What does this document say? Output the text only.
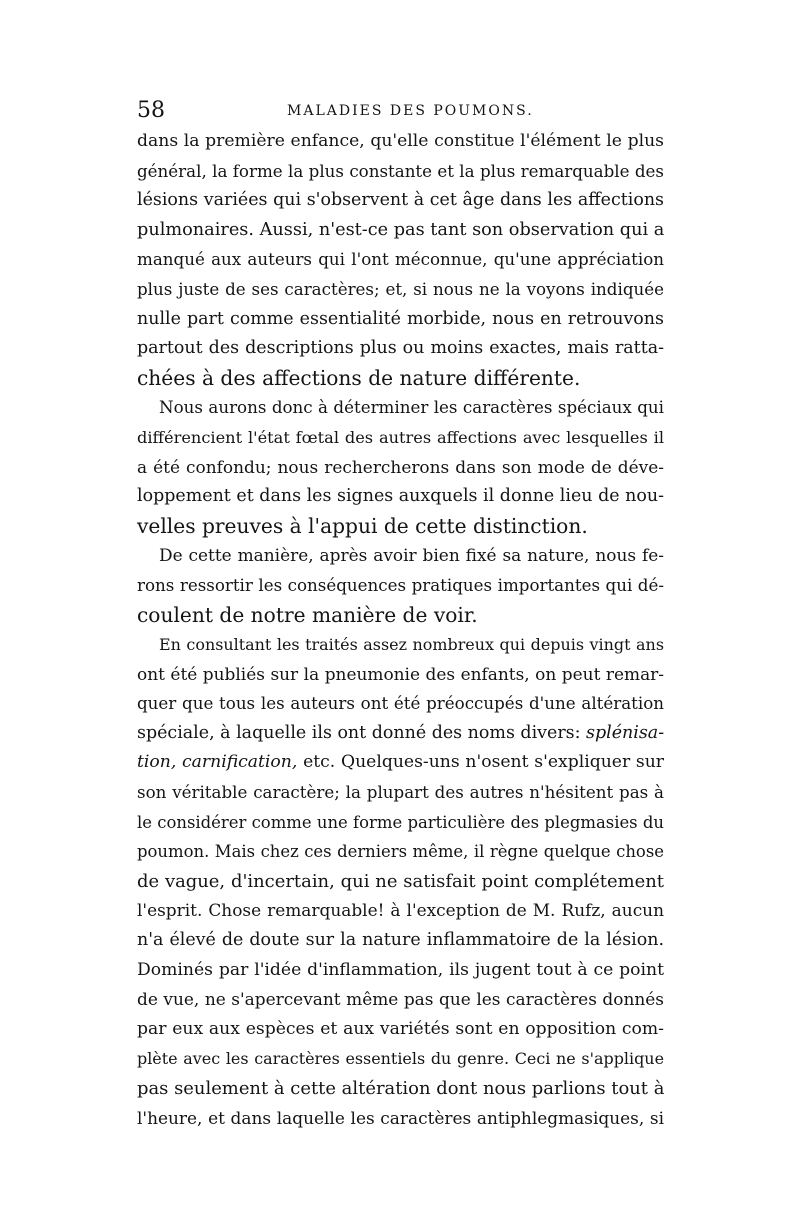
58	MALADIES DES POUMONS.
dans la première enfance, qu'elle constitue l'élément le plus
général, la forme la plus constante et la plus remarquable des
lésions variées qui s'observent à cet âge dans les affections
pulmonaires. Aussi, n'est-ce pas tant son observation qui a
manqué aux auteurs qui l'ont méconnue, qu'une appréciation
plus juste de ses caractères; et, si nous ne la voyons indiquée
nulle part comme essentialité morbide, nous en retrouvons
partout des descriptions plus ou moins exactes, mais ratta-
chées à des affections de nature différente.
Nous aurons donc à déterminer les caractères spéciaux qui
différencient l'état fœtal des autres affections avec lesquelles il
a été confondu; nous rechercherons dans son mode de déve-
loppement et dans les signes auxquels il donne lieu de nou-
velles preuves à l'appui de cette distinction.
De cette manière, après avoir bien fixé sa nature, nous fe-
rons ressortir les conséquences pratiques importantes qui dé-
coulent de notre manière de voir.
En consultant les traités assez nombreux qui depuis vingt ans
ont été publiés sur la pneumonie des enfants, on peut remar-
quer que tous les auteurs ont été préoccupés d'une altération
spéciale, à laquelle ils ont donné des noms divers: splénisa-
tion, carnification, etc. Quelques-uns n'osent s'expliquer sur
son véritable caractère; la plupart des autres n'hésitent pas à
le considérer comme une forme particulière des plegmasies du
poumon. Mais chez ces derniers même, il règne quelque chose
de vague, d'incertain, qui ne satisfait point complétement
l'esprit. Chose remarquable! à l'exception de M. Rufz, aucun
n'a élevé de doute sur la nature inflammatoire de la lésion.
Dominés par l'idée d'inflammation, ils jugent tout à ce point
de vue, ne s'apercevant même pas que les caractères donnés
par eux aux espèces et aux variétés sont en opposition com-
plète avec les caractères essentiels du genre. Ceci ne s'applique
pas seulement à cette altération dont nous parlions tout à
l'heure, et dans laquelle les caractères antiphlegmasiques, si
